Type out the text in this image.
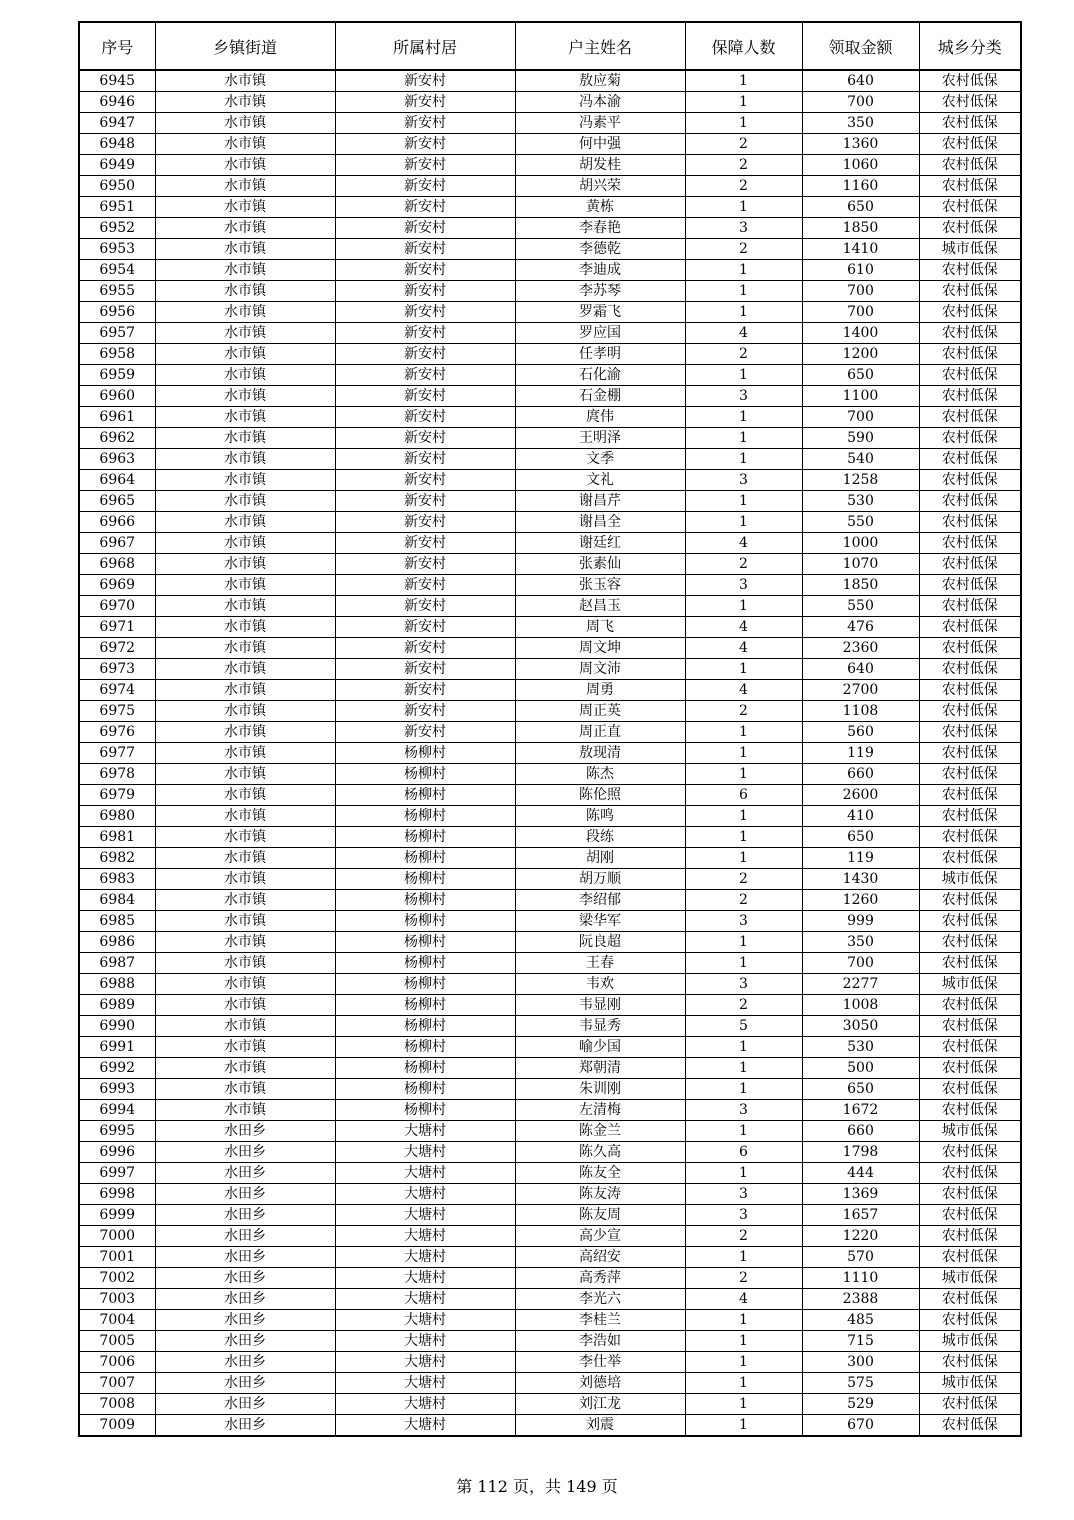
序号	乡镇街道	所属村居	户主姓名	保障人数	领取金额	城乡分类
6945	水市镇	新安村	敖应菊	1	640	农村低保
6946	水市镇	新安村	冯本渝	1	700	农村低保
6947	水市镇	新安村	冯素平	1	350	农村低保
6948	水市镇	新安村	何中强	2	1360	农村低保
6949	水市镇	新安村	胡发桂	2	1060	农村低保
6950	水市镇	新安村	胡兴荣	2	1160	农村低保
6951	水市镇	新安村	黄栋	1	650	农村低保
6952	水市镇	新安村	李春艳	3	1850	农村低保
6953	水市镇	新安村	李德乾	2	1410	城市低保
6954	水市镇	新安村	李迪成	1	610	农村低保
6955	水市镇	新安村	李苏琴	1	700	农村低保
6956	水市镇	新安村	罗霜飞	1	700	农村低保
6957	水市镇	新安村	罗应国	4	1400	农村低保
6958	水市镇	新安村	任孝明	2	1200	农村低保
6959	水市镇	新安村	石化渝	1	650	农村低保
6960	水市镇	新安村	石金棚	3	1100	农村低保
6961	水市镇	新安村	庹伟	1	700	农村低保
6962	水市镇	新安村	王明泽	1	590	农村低保
6963	水市镇	新安村	文季	1	540	农村低保
6964	水市镇	新安村	文礼	3	1258	农村低保
6965	水市镇	新安村	谢昌芹	1	530	农村低保
6966	水市镇	新安村	谢昌全	1	550	农村低保
6967	水市镇	新安村	谢廷红	4	1000	农村低保
6968	水市镇	新安村	张素仙	2	1070	农村低保
6969	水市镇	新安村	张玉容	3	1850	农村低保
6970	水市镇	新安村	赵昌玉	1	550	农村低保
6971	水市镇	新安村	周飞	4	476	农村低保
6972	水市镇	新安村	周文坤	4	2360	农村低保
6973	水市镇	新安村	周文沛	1	640	农村低保
6974	水市镇	新安村	周勇	4	2700	农村低保
6975	水市镇	新安村	周正英	2	1108	农村低保
6976	水市镇	新安村	周正直	1	560	农村低保
6977	水市镇	杨柳村	敖现清	1	119	农村低保
6978	水市镇	杨柳村	陈杰	1	660	农村低保
6979	水市镇	杨柳村	陈伦照	6	2600	农村低保
6980	水市镇	杨柳村	陈鸣	1	410	农村低保
6981	水市镇	杨柳村	段练	1	650	农村低保
6982	水市镇	杨柳村	胡刚	1	119	农村低保
6983	水市镇	杨柳村	胡万顺	2	1430	城市低保
6984	水市镇	杨柳村	李绍郁	2	1260	农村低保
6985	水市镇	杨柳村	梁华军	3	999	农村低保
6986	水市镇	杨柳村	阮良超	1	350	农村低保
6987	水市镇	杨柳村	王春	1	700	农村低保
6988	水市镇	杨柳村	韦欢	3	2277	城市低保
6989	水市镇	杨柳村	韦显刚	2	1008	农村低保
6990	水市镇	杨柳村	韦显秀	5	3050	农村低保
6991	水市镇	杨柳村	喻少国	1	530	农村低保
6992	水市镇	杨柳村	郑朝清	1	500	农村低保
6993	水市镇	杨柳村	朱训刚	1	650	农村低保
6994	水市镇	杨柳村	左清梅	3	1672	农村低保
6995	水田乡	大塘村	陈金兰	1	660	城市低保
6996	水田乡	大塘村	陈久高	6	1798	农村低保
6997	水田乡	大塘村	陈友全	1	444	农村低保
6998	水田乡	大塘村	陈友涛	3	1369	农村低保
6999	水田乡	大塘村	陈友周	3	1657	农村低保
7000	水田乡	大塘村	高少宣	2	1220	农村低保
7001	水田乡	大塘村	高绍安	1	570	农村低保
7002	水田乡	大塘村	高秀萍	2	1110	城市低保
7003	水田乡	大塘村	李光六	4	2388	农村低保
7004	水田乡	大塘村	李桂兰	1	485	农村低保
7005	水田乡	大塘村	李浩如	1	715	城市低保
7006	水田乡	大塘村	李仕举	1	300	农村低保
7007	水田乡	大塘村	刘德培	1	575	城市低保
7008	水田乡	大塘村	刘江龙	1	529	农村低保
7009	水田乡	大塘村	刘震	1	670	农村低保
第 112 页，共 149 页
